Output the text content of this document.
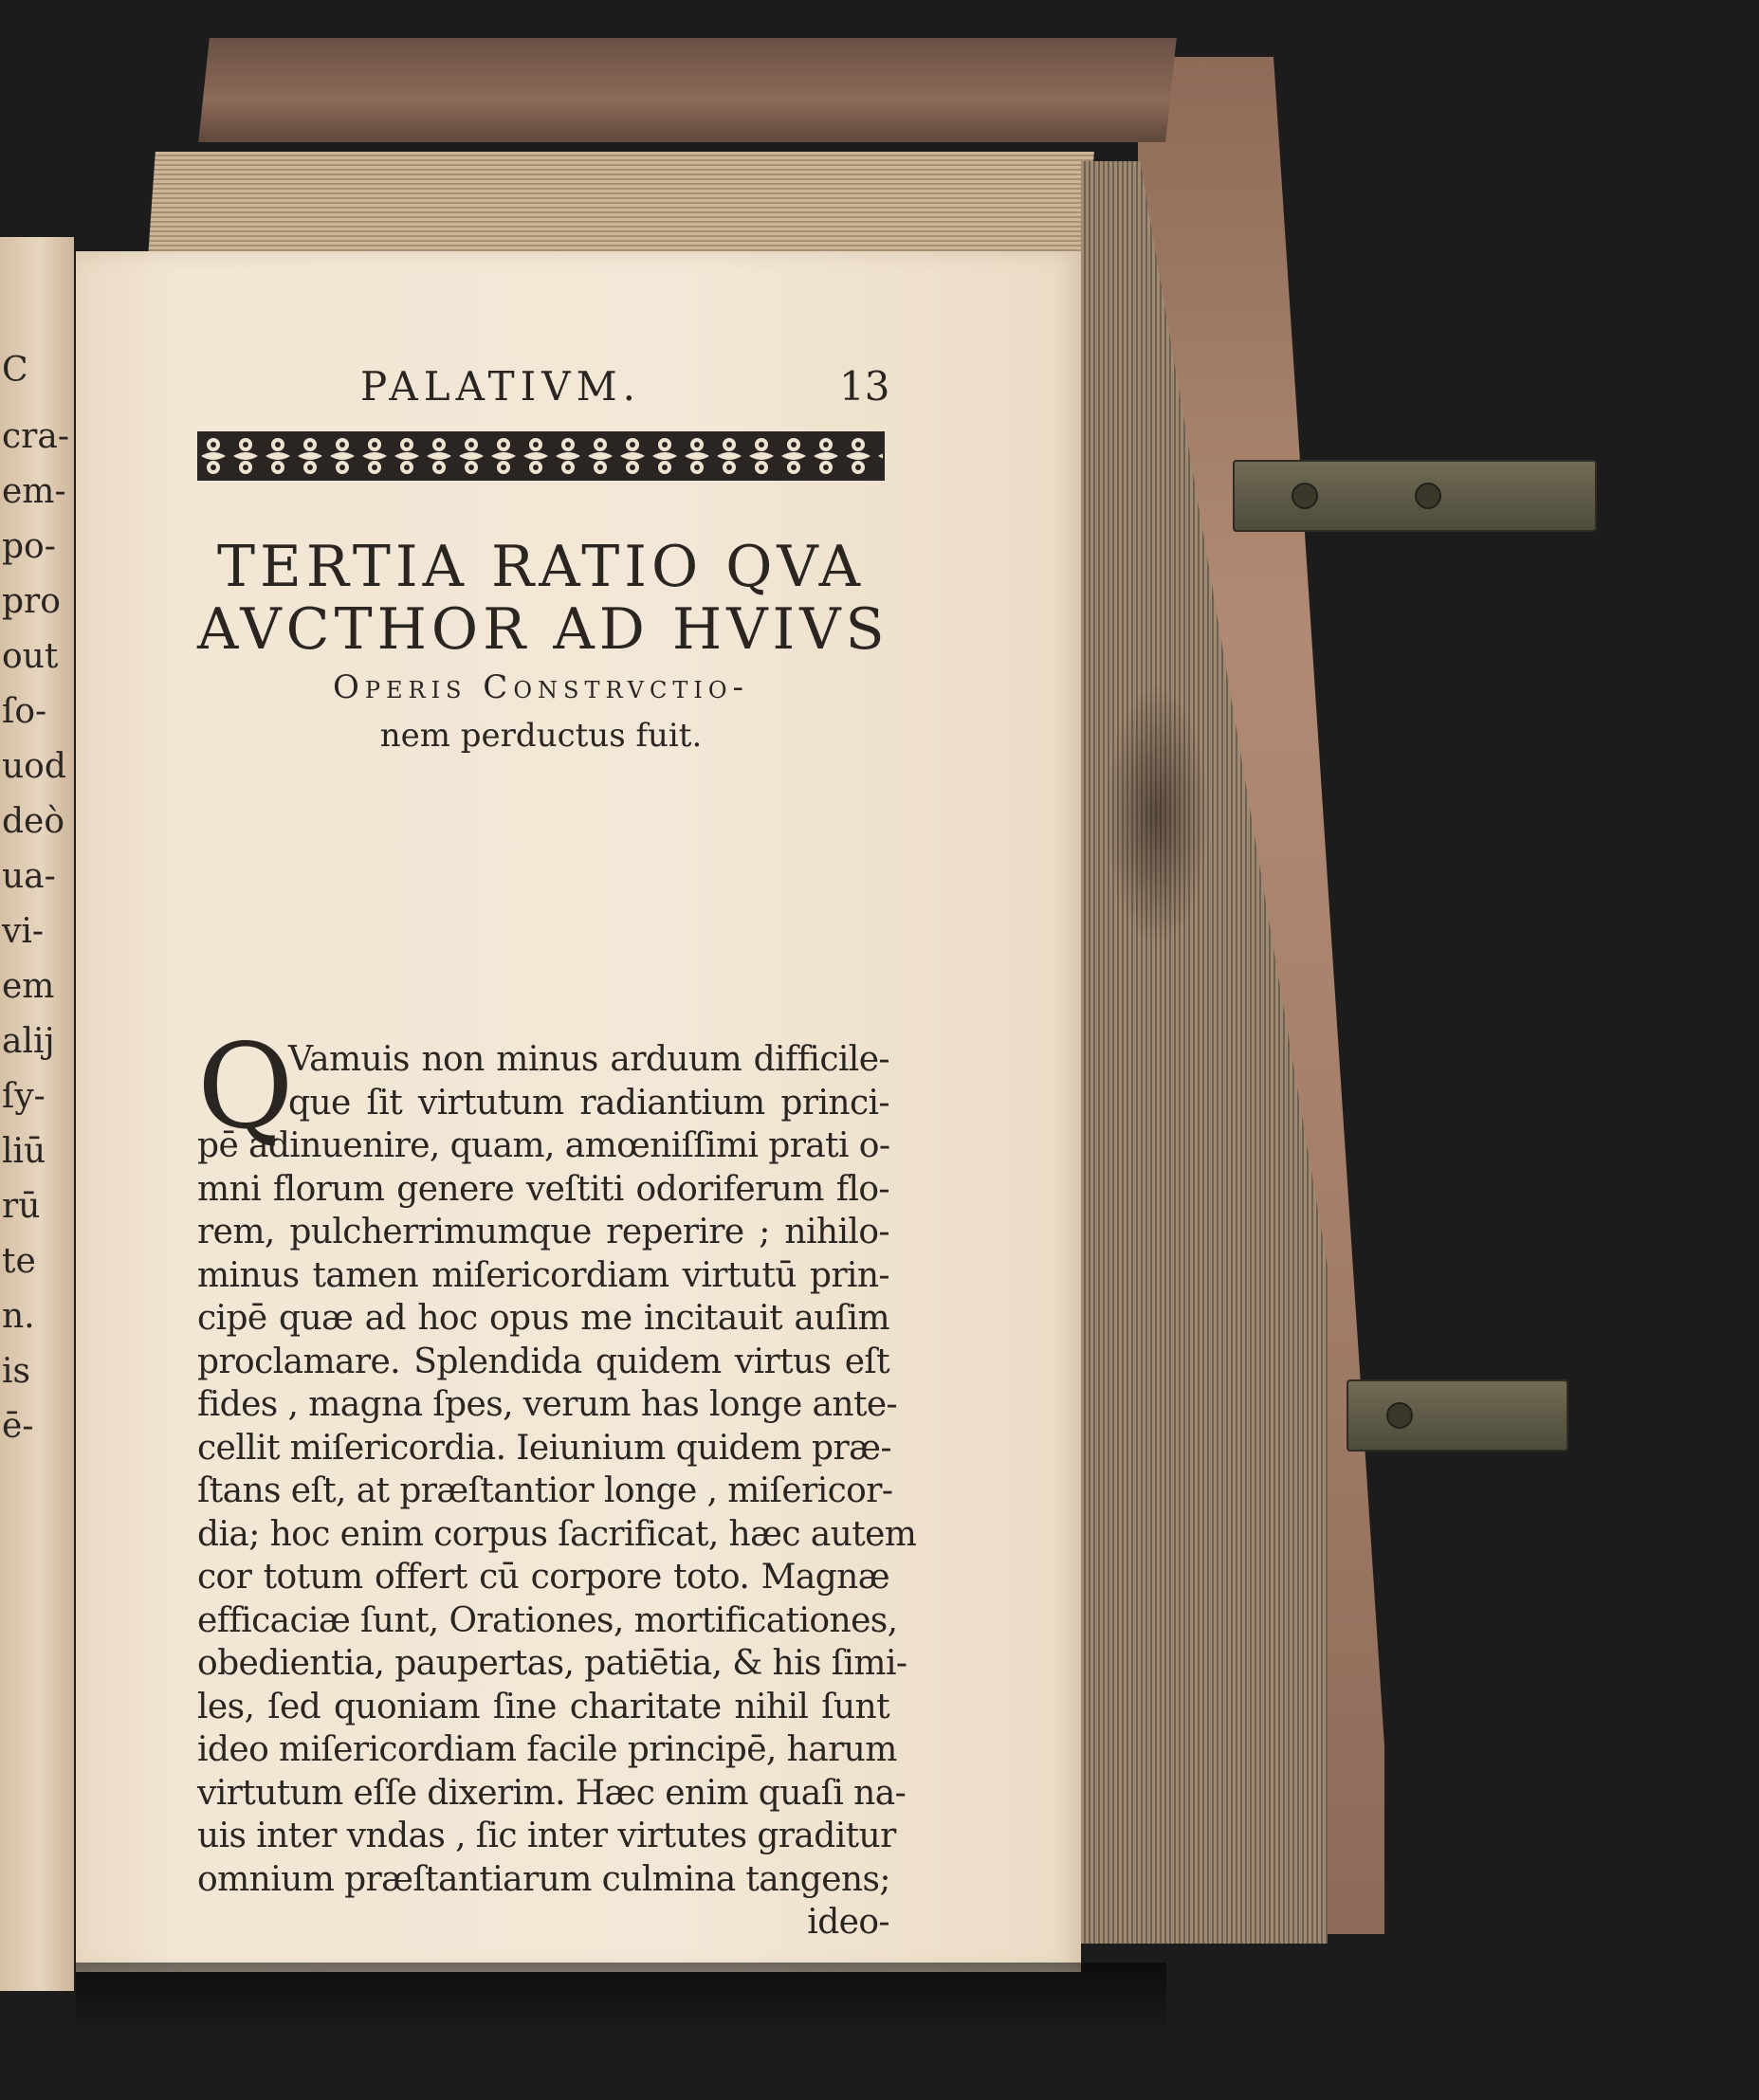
C
cra-
em-
po-
pro
out
ſo-
uod
deò
ua-
vi-
em
alij
ſy-
liū
rū
te
n.
is
ē-
PALATIVM.	13
TERTIA RATIO QVA
AVCTHOR AD HVIVS
Operis Constrvctio-
nem perductus fuit.
Q
Vamuis non minus arduum difficile-
que ſit virtutum radiantium princi-
pē adinuenire, quam, amœniſſimi prati o-
mni florum genere veſtiti odoriferum flo-
rem, pulcherrimumque reperire ; nihilo-
minus tamen miſericordiam virtutū prin-
cipē quæ ad hoc opus me incitauit auſim
proclamare. Splendida quidem virtus eſt
fides , magna ſpes, verum has longe ante-
cellit miſericordia. Ieiunium quidem præ-
ſtans eſt, at præſtantior longe , miſericor-
dia; hoc enim corpus ſacrificat, hæc autem
cor totum offert cū corpore toto. Magnæ
efficaciæ ſunt, Orationes, mortificationes,
obedientia, paupertas, patiētia, & his ſimi-
les, ſed quoniam ſine charitate nihil ſunt
ideo miſericordiam facile principē, harum
virtutum eſſe dixerim. Hæc enim quaſi na-
uis inter vndas , ſic inter virtutes graditur
omnium præſtantiarum culmina tangens;
ideo-
